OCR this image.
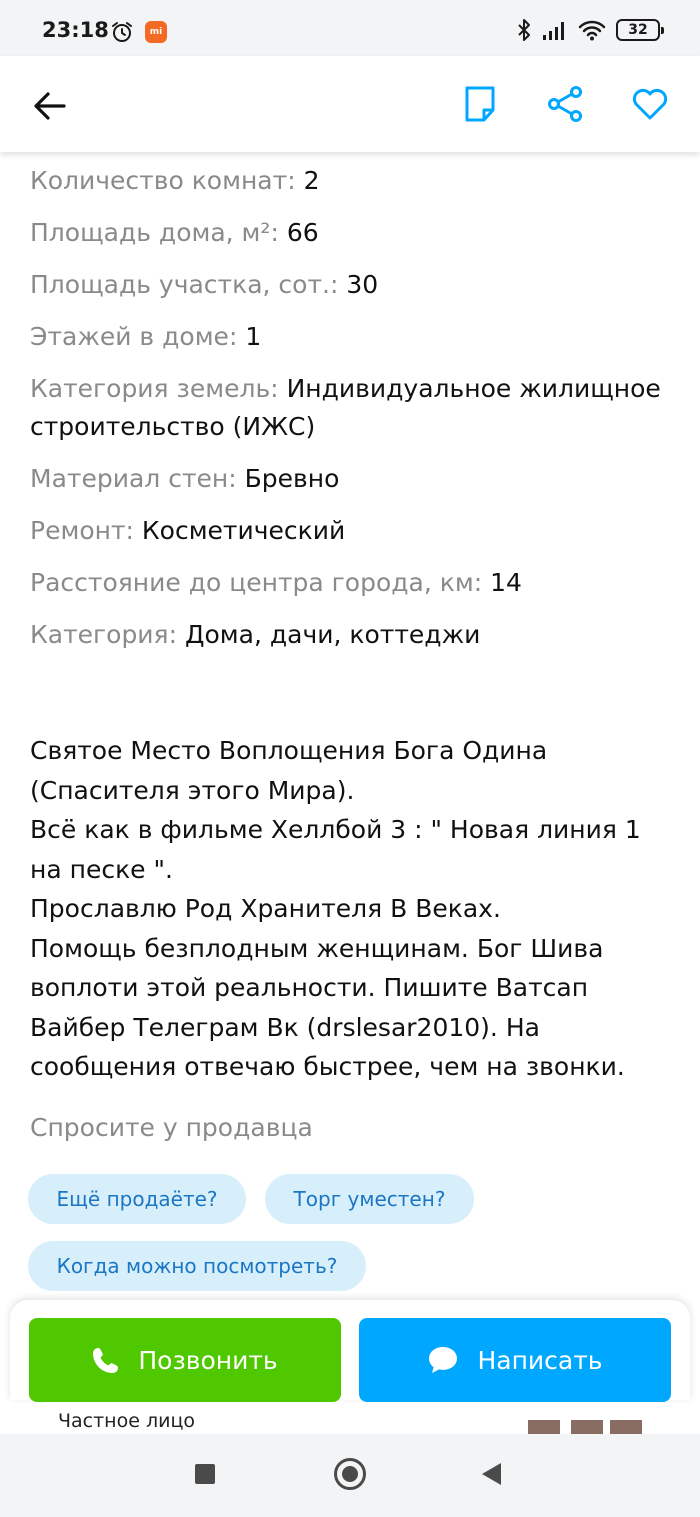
23:18	mi	32
Количество комнат: 2
Площадь дома, м²: 66
Площадь участка, сот.: 30
Этажей в доме: 1
Категория земель: Индивидуальное жилищное строительство (ИЖС)
Материал стен: Бревно
Ремонт: Косметический
Расстояние до центра города, км: 14
Категория: Дома, дачи, коттеджи
Святое Место Воплощения Бога Одина (Спасителя этого Мира).
Всё как в фильме Хеллбой 3 : " Новая линия 1 на песке ".
Прославлю Род Хранителя В Веках.
Помощь безплодным женщинам. Бог Шива воплоти этой реальности. Пишите Ватсап Вайбер Телеграм Вк (drslesar2010). На сообщения отвечаю быстрее, чем на звонки.
Спросите у продавца
Ещё продаёте?	Торг уместен?
Когда можно посмотреть?
Частное лицо
Позвонить	Написать
